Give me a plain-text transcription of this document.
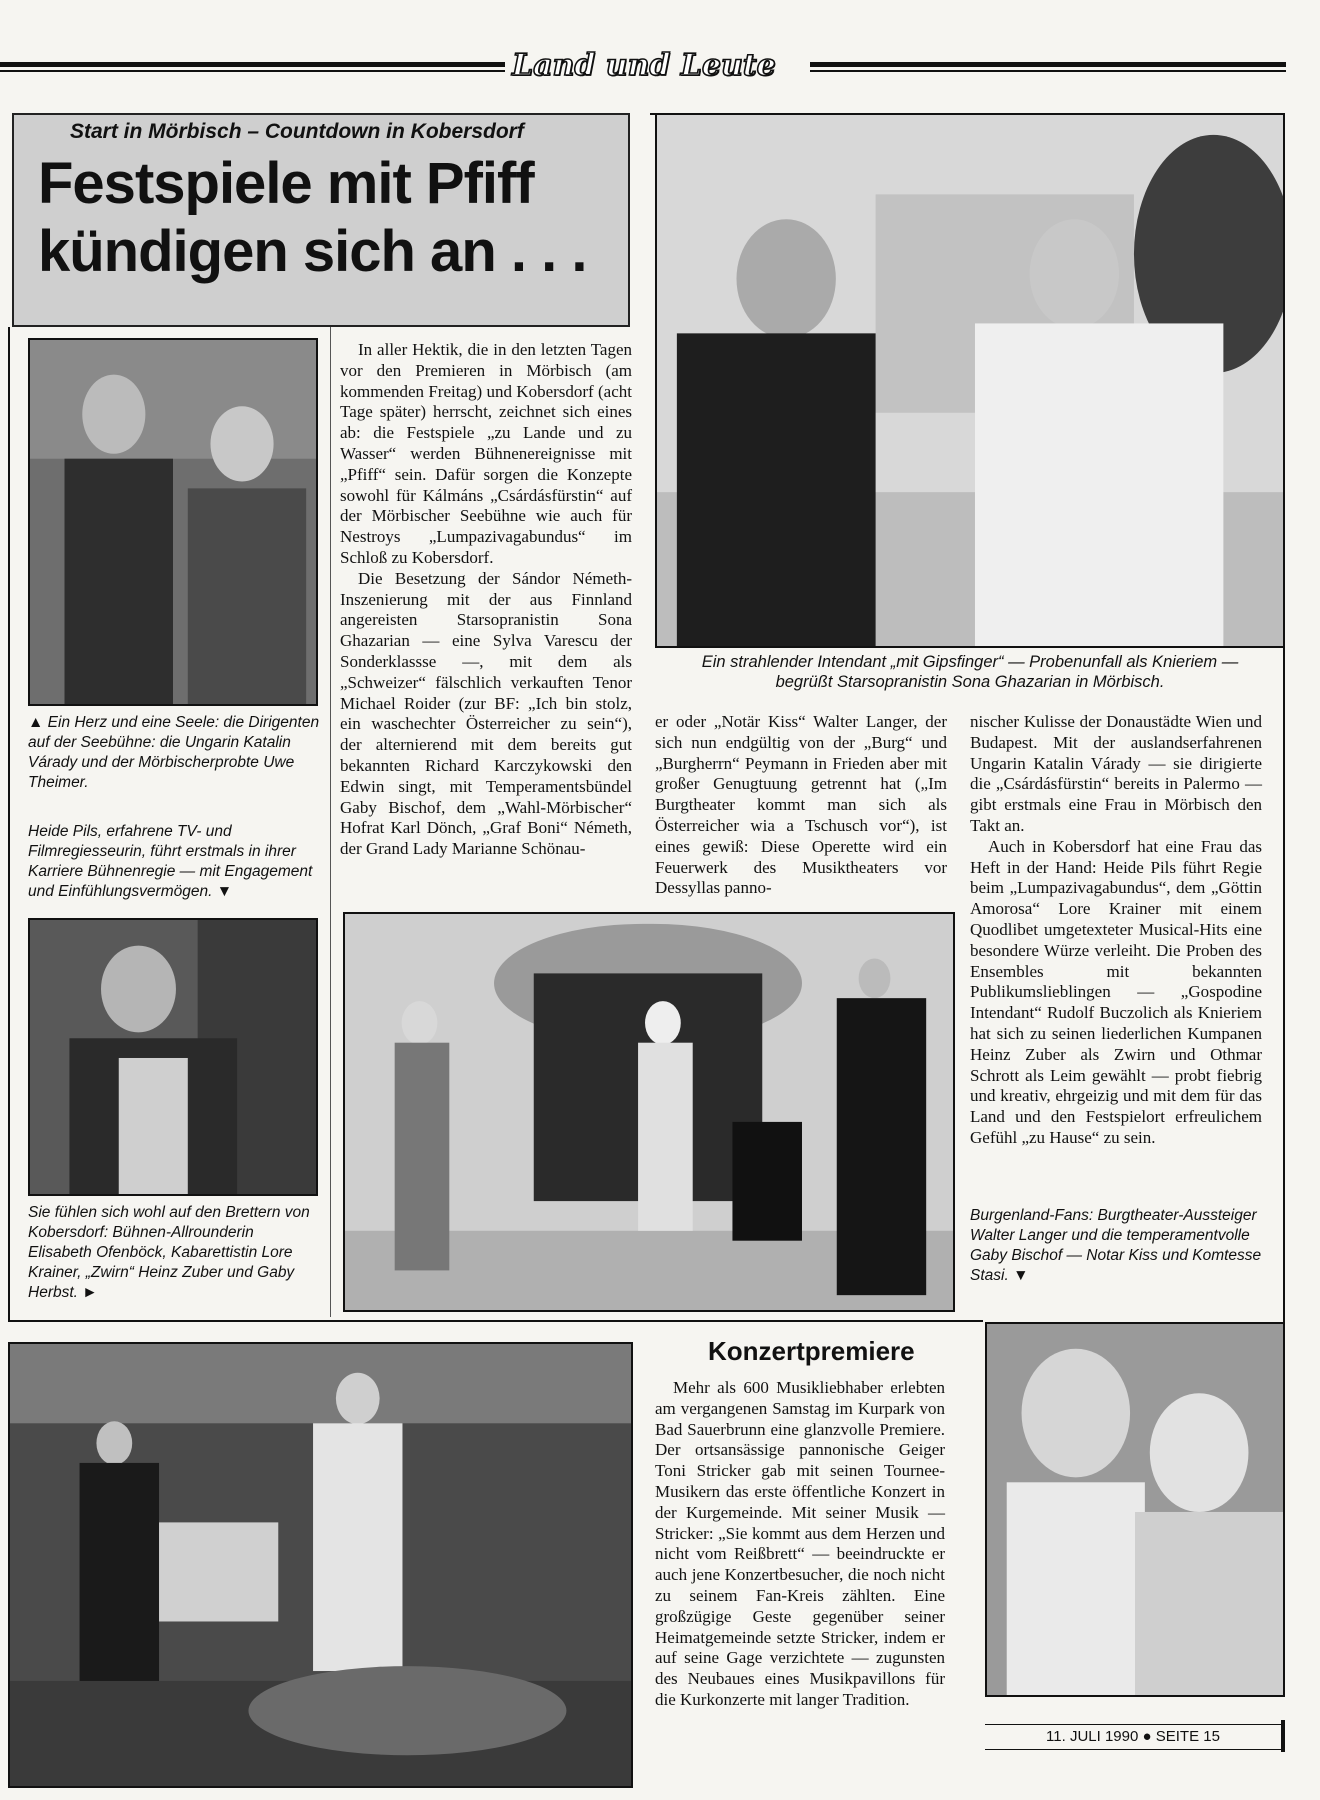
Land und Leute
Start in Mörbisch – Countdown in Kobersdorf
Festspiele mit Pfiff
kündigen sich an . . .

▲ Ein Herz und eine Seele: die Dirigenten auf der Seebühne: die Ungarin Katalin Várady und der Mörbischerprobte Uwe Theimer.

Heide Pils, erfahrene TV- und Filmregiesseurin, führt erstmals in ihrer Karriere Bühnenregie — mit Engagement und Einfühlungsvermögen. ▼

Sie fühlen sich wohl auf den Brettern von Kobersdorf: Bühnen-Allrounderin Elisabeth Ofenböck, Kabarettistin Lore Krainer, „Zwirn“ Heinz Zuber und Gaby Herbst. ►

In aller Hektik, die in den letzten Tagen vor den Premieren in Mörbisch (am kommenden Freitag) und Kobersdorf (acht Tage später) herrscht, zeichnet sich eines ab: die Festspiele „zu Lande und zu Wasser“ werden Bühnenereignisse mit „Pfiff“ sein. Dafür sorgen die Konzepte sowohl für Kálmáns „Csárdásfürstin“ auf der Mörbischer Seebühne wie auch für Nestroys „Lumpazivagabundus“ im Schloß zu Kobersdorf.

Die Besetzung der Sándor Németh-Inszenierung mit der aus Finnland angereisten Starsopranistin Sona Ghazarian — eine Sylva Varescu der Sonderklassse —, mit dem als „Schweizer“ fälschlich verkauften Tenor Michael Roider (zur BF: „Ich bin stolz, ein waschechter Österreicher zu sein“), der alternierend mit dem bereits gut bekannten Richard Karczykowski den Edwin singt, mit Temperamentsbündel Gaby Bischof, dem „Wahl-Mörbischer“ Hofrat Karl Dönch, „Graf Boni“ Németh, der Grand Lady Marianne Schönau-

Ein strahlender Intendant „mit Gipsfinger“ — Probenunfall als Knieriem — begrüßt Starsopranistin Sona Ghazarian in Mörbisch.

er oder „Notär Kiss“ Walter Langer, der sich nun endgültig von der „Burg“ und „Burgherrn“ Peymann in Frieden aber mit großer Genugtuung getrennt hat („Im Burgtheater kommt man sich als Österreicher wia a Tschusch vor“), ist eines gewiß: Diese Operette wird ein Feuerwerk des Musiktheaters vor Dessyllas panno-

nischer Kulisse der Donaustädte Wien und Budapest. Mit der auslandserfahrenen Ungarin Katalin Várady — sie dirigierte die „Csárdásfürstin“ bereits in Palermo — gibt erstmals eine Frau in Mörbisch den Takt an.

Auch in Kobersdorf hat eine Frau das Heft in der Hand: Heide Pils führt Regie beim „Lumpazivagabundus“, dem „Göttin Amorosa“ Lore Krainer mit einem Quodlibet umgetexteter Musical-Hits eine besondere Würze verleiht. Die Proben des Ensembles mit bekannten Publikumslieblingen — „Gospodine Intendant“ Rudolf Buczolich als Knieriem hat sich zu seinen liederlichen Kumpanen Heinz Zuber als Zwirn und Othmar Schrott als Leim gewählt — probt fiebrig und kreativ, ehrgeizig und mit dem für das Land und den Festspielort erfreulichem Gefühl „zu Hause“ zu sein.

Burgenland-Fans: Burgtheater-Aussteiger Walter Langer und die temperamentvolle Gaby Bischof — Notar Kiss und Komtesse Stasi. ▼

Konzertpremiere

Mehr als 600 Musikliebhaber erlebten am vergangenen Samstag im Kurpark von Bad Sauerbrunn eine glanzvolle Premiere. Der ortsansässige pannonische Geiger Toni Stricker gab mit seinen Tournee-Musikern das erste öffentliche Konzert in der Kurgemeinde. Mit seiner Musik — Stricker: „Sie kommt aus dem Herzen und nicht vom Reißbrett“ — beeindruckte er auch jene Konzertbesucher, die noch nicht zu seinem Fan-Kreis zählten. Eine großzügige Geste gegenüber seiner Heimatgemeinde setzte Stricker, indem er auf seine Gage verzichtete — zugunsten des Neubaues eines Musikpavillons für die Kurkonzerte mit langer Tradition.

11. JULI 1990 ● SEITE 15
